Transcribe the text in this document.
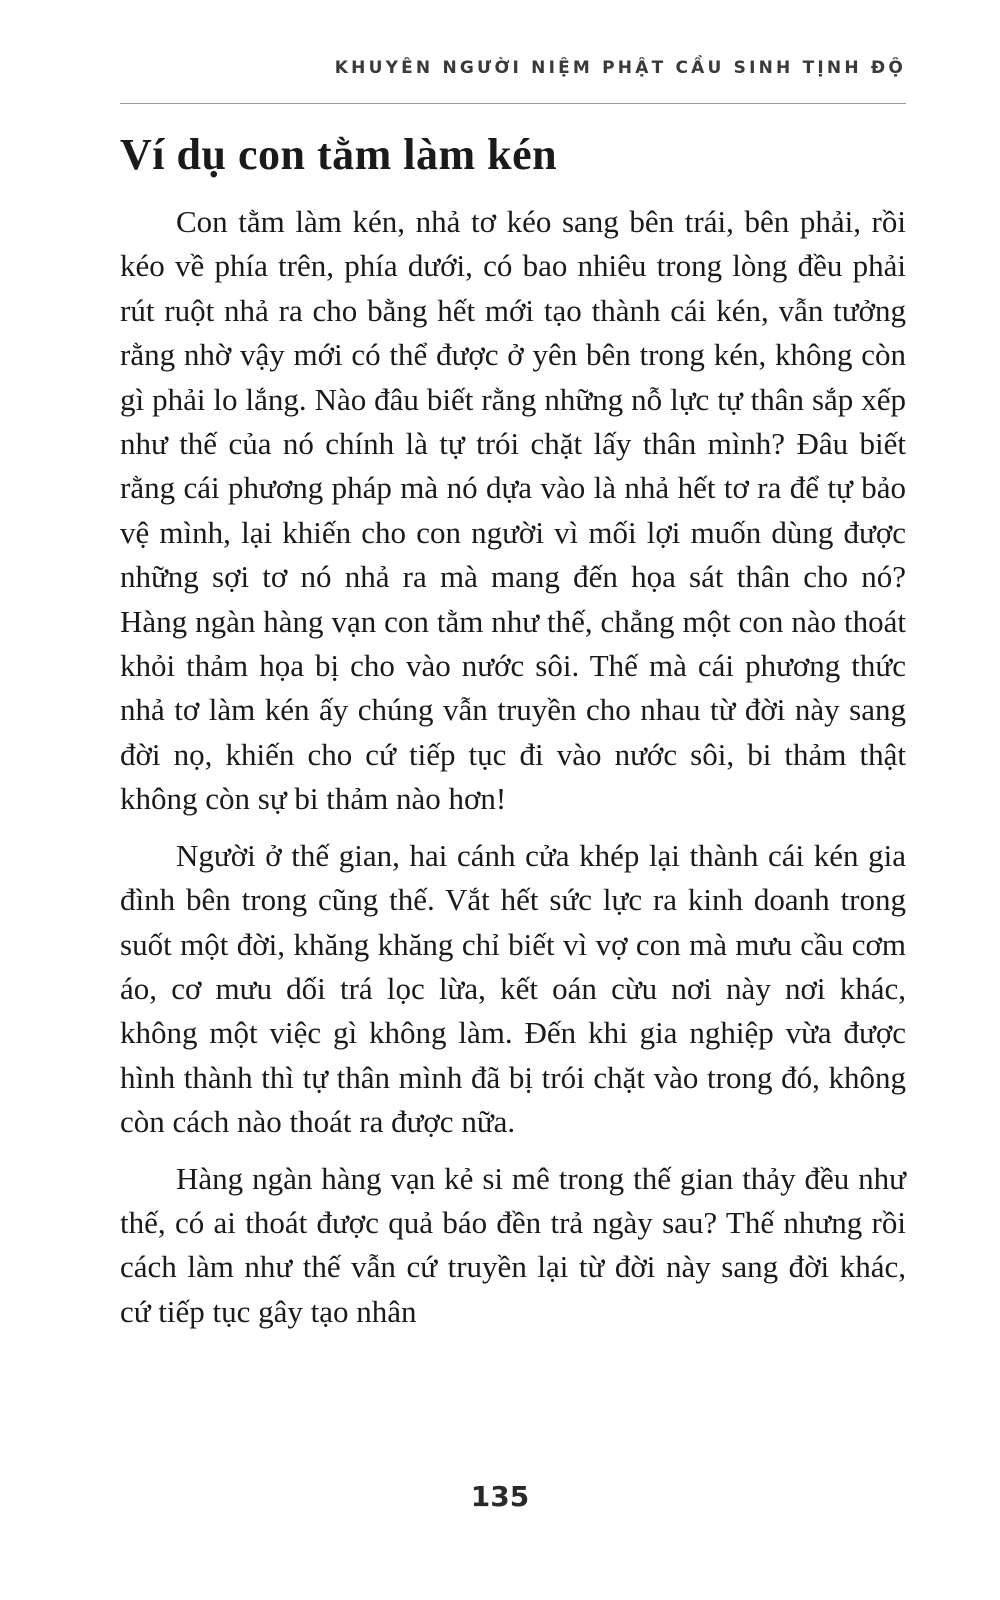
KHUYÊN NGƯỜI NIỆM PHẬT CẦU SINH TỊNH ĐỘ
Ví dụ con tằm làm kén

Con tằm làm kén, nhả tơ kéo sang bên trái, bên phải, rồi kéo về phía trên, phía dưới, có bao nhiêu trong lòng đều phải rút ruột nhả ra cho bằng hết mới tạo thành cái kén, vẫn tưởng rằng nhờ vậy mới có thể được ở yên bên trong kén, không còn gì phải lo lắng. Nào đâu biết rằng những nỗ lực tự thân sắp xếp như thế của nó chính là tự trói chặt lấy thân mình? Đâu biết rằng cái phương pháp mà nó dựa vào là nhả hết tơ ra để tự bảo vệ mình, lại khiến cho con người vì mối lợi muốn dùng được những sợi tơ nó nhả ra mà mang đến họa sát thân cho nó? Hàng ngàn hàng vạn con tằm như thế, chẳng một con nào thoát khỏi thảm họa bị cho vào nước sôi. Thế mà cái phương thức nhả tơ làm kén ấy chúng vẫn truyền cho nhau từ đời này sang đời nọ, khiến cho cứ tiếp tục đi vào nước sôi, bi thảm thật không còn sự bi thảm nào hơn!

Người ở thế gian, hai cánh cửa khép lại thành cái kén gia đình bên trong cũng thế. Vắt hết sức lực ra kinh doanh trong suốt một đời, khăng khăng chỉ biết vì vợ con mà mưu cầu cơm áo, cơ mưu dối trá lọc lừa, kết oán cừu nơi này nơi khác, không một việc gì không làm. Đến khi gia nghiệp vừa được hình thành thì tự thân mình đã bị trói chặt vào trong đó, không còn cách nào thoát ra được nữa.

Hàng ngàn hàng vạn kẻ si mê trong thế gian thảy đều như thế, có ai thoát được quả báo đền trả ngày sau? Thế nhưng rồi cách làm như thế vẫn cứ truyền lại từ đời này sang đời khác, cứ tiếp tục gây tạo nhân

135
